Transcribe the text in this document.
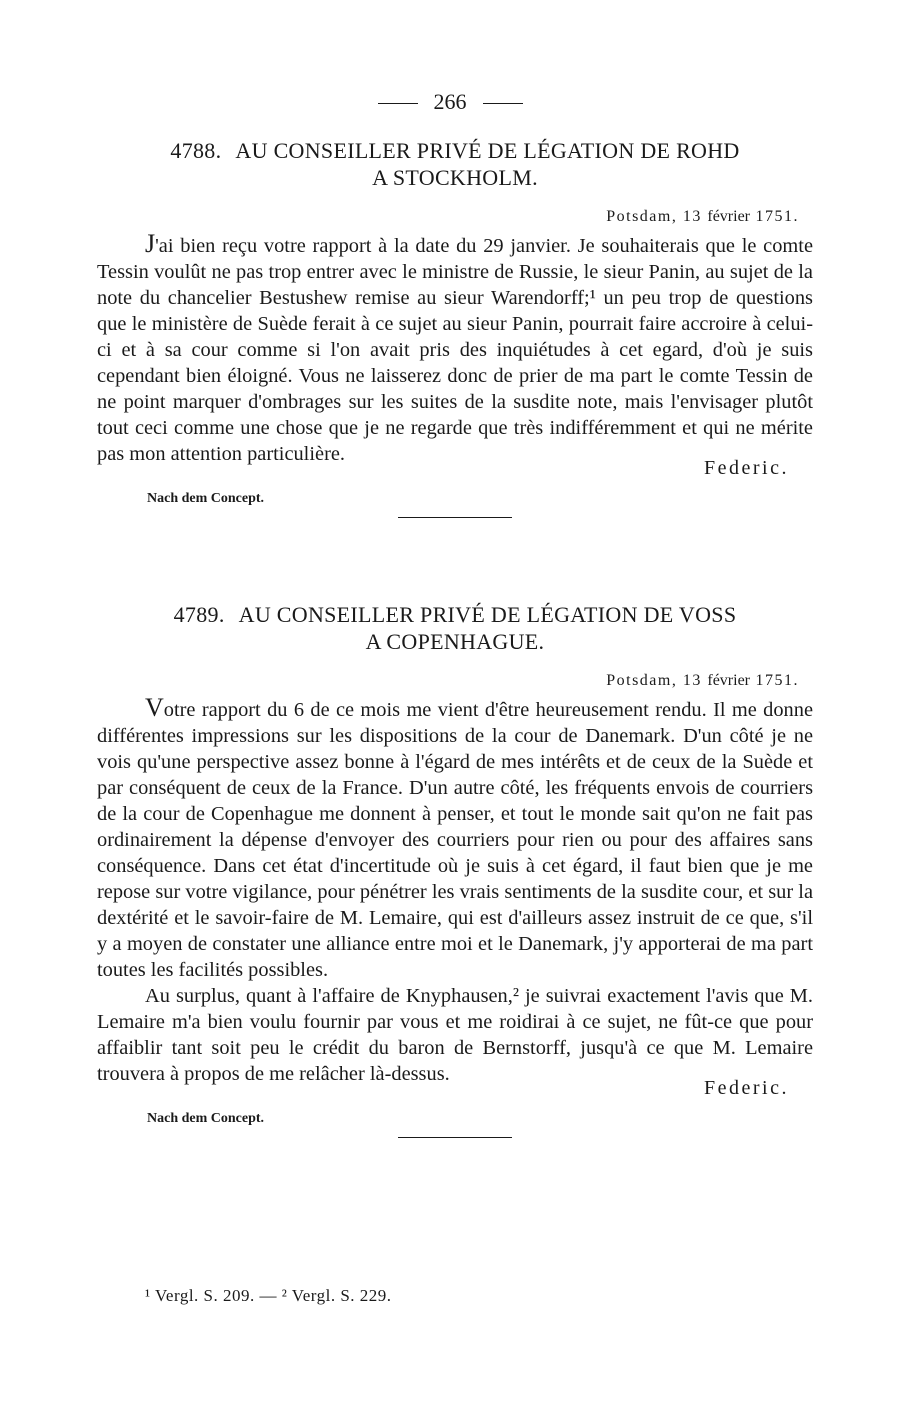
266
4788. AU CONSEILLER PRIVÉ DE LÉGATION DE ROHD
A STOCKHOLM.
Potsdam, 13 février 1751.

J'ai bien reçu votre rapport à la date du 29 janvier. Je souhaiterais que le comte Tessin voulût ne pas trop entrer avec le ministre de Russie, le sieur Panin, au sujet de la note du chancelier Bestushew remise au sieur Warendorff;¹ un peu trop de questions que le ministère de Suède ferait à ce sujet au sieur Panin, pourrait faire accroire à celui-ci et à sa cour comme si l'on avait pris des inquiétudes à cet egard, d'où je suis cependant bien éloigné. Vous ne laisserez donc de prier de ma part le comte Tessin de ne point marquer d'ombrages sur les suites de la susdite note, mais l'envisager plutôt tout ceci comme une chose que je ne regarde que très indifféremment et qui ne mérite pas mon attention particulière.

Federic.
Nach dem Concept.
4789. AU CONSEILLER PRIVÉ DE LÉGATION DE VOSS
A COPENHAGUE.
Potsdam, 13 février 1751.

Votre rapport du 6 de ce mois me vient d'être heureusement rendu. Il me donne différentes impressions sur les dispositions de la cour de Danemark. D'un côté je ne vois qu'une perspective assez bonne à l'égard de mes intérêts et de ceux de la Suède et par conséquent de ceux de la France. D'un autre côté, les fréquents envois de courriers de la cour de Copenhague me donnent à penser, et tout le monde sait qu'on ne fait pas ordinairement la dépense d'envoyer des courriers pour rien ou pour des affaires sans conséquence. Dans cet état d'incertitude où je suis à cet égard, il faut bien que je me repose sur votre vigilance, pour pénétrer les vrais sentiments de la susdite cour, et sur la dextérité et le savoir-faire de M. Lemaire, qui est d'ailleurs assez instruit de ce que, s'il y a moyen de constater une alliance entre moi et le Danemark, j'y apporterai de ma part toutes les facilités possibles.

Au surplus, quant à l'affaire de Knyphausen,² je suivrai exactement l'avis que M. Lemaire m'a bien voulu fournir par vous et me roidirai à ce sujet, ne fût-ce que pour affaiblir tant soit peu le crédit du baron de Bernstorff, jusqu'à ce que M. Lemaire trouvera à propos de me relâcher là-dessus.

Federic.
Nach dem Concept.
¹ Vergl. S. 209. — ² Vergl. S. 229.
